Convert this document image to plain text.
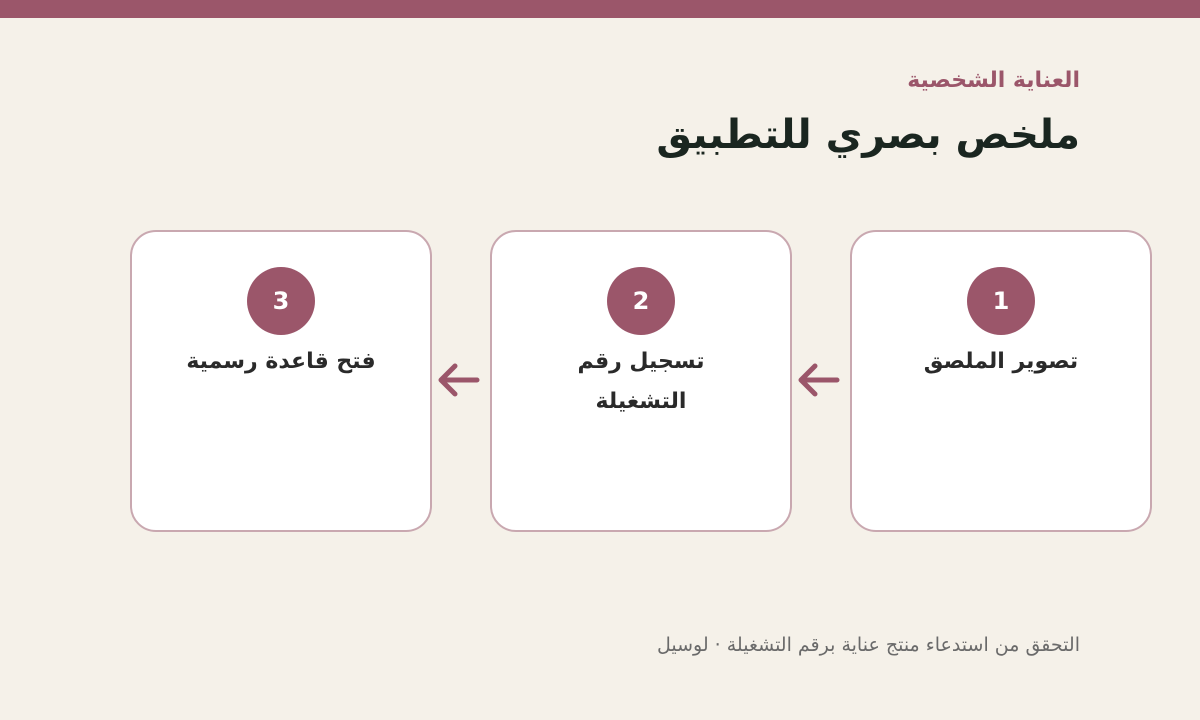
العناية الشخصية
ملخص بصري للتطبيق
1
تصوير الملصق
2
تسجيل رقم التشغيلة
3
فتح قاعدة رسمية

التحقق من استدعاء منتج عناية برقم التشغيلة · لوسيل
